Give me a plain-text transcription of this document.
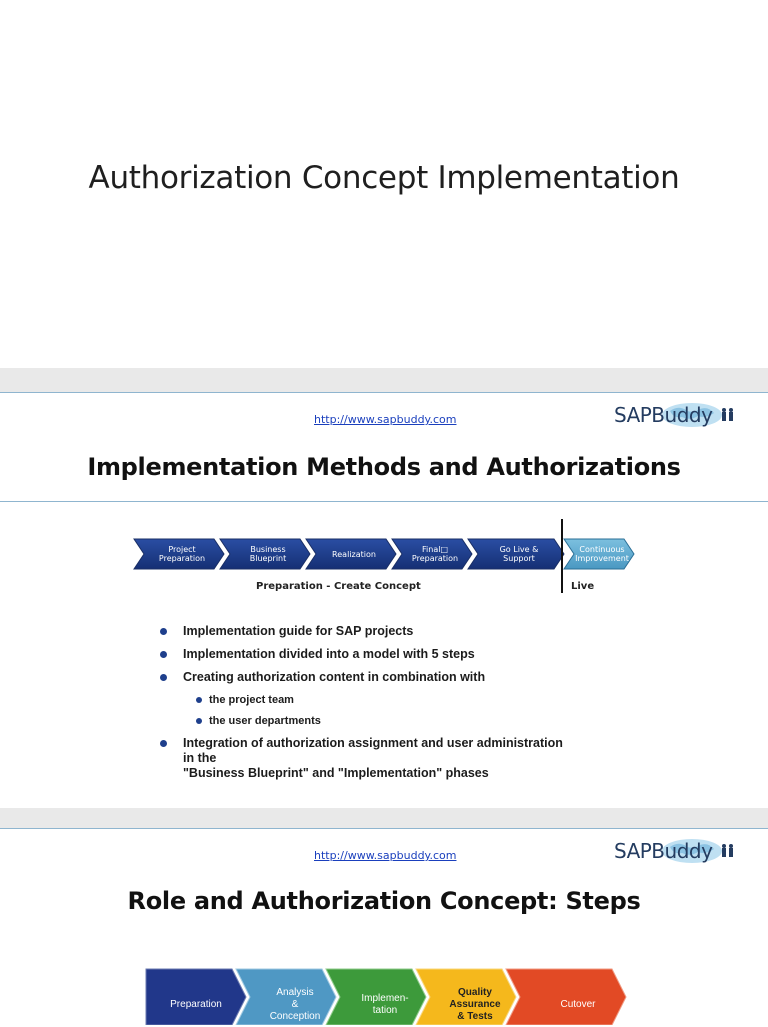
Authorization Concept Implementation
http://www.sapbuddy.com	SAPBuddy
Implementation Methods and Authorizations
Project
Preparation
Business
Blueprint	Realization	Final□
Preparation
Go Live &
Support
Continuous
Improvement
Preparation - Create Concept	Live
Implementation guide for SAP projects
Implementation divided into a model with 5 steps
Creating authorization content in combination with
the project team
the user departments
Integration of authorization assignment and user administration
in the
"Business Blueprint" and "Implementation" phases
http://www.sapbuddy.com	SAPBuddy
Role and Authorization Concept: Steps
Preparation
Analysis
&
Conception
Implemen-
tation
Quality
Assurance
& Tests
Cutover
